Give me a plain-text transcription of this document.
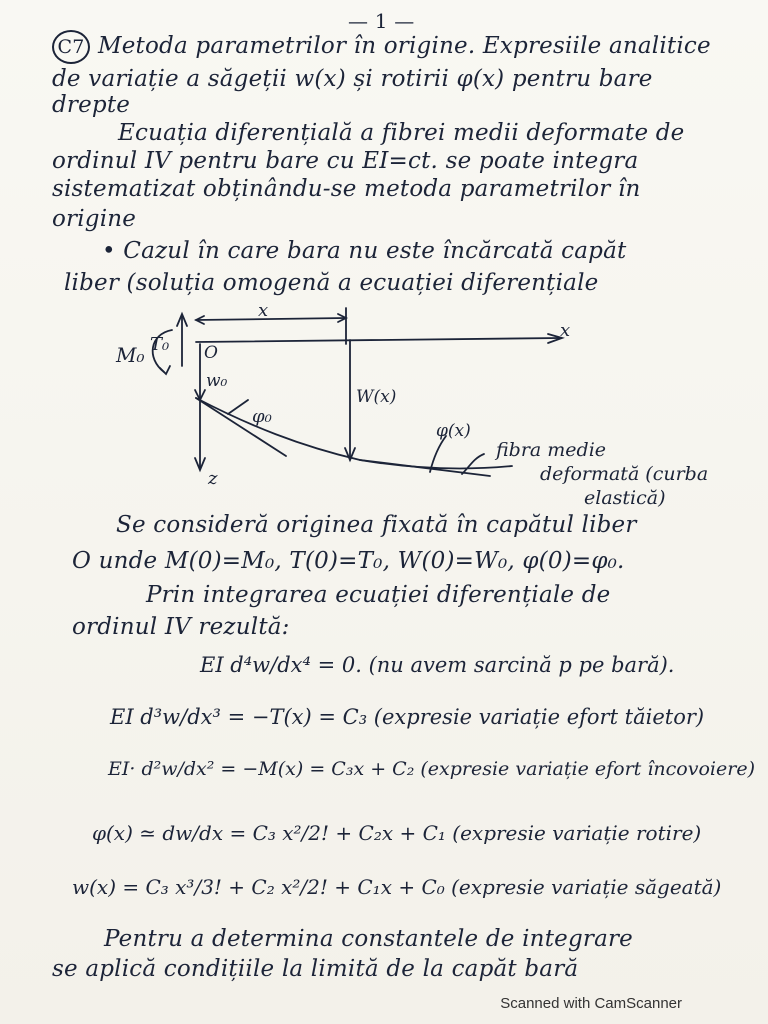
— 1 —
C7 Metoda parametrilor în origine. Expresiile analitice
de variație a săgeții w(x) și rotirii φ(x) pentru bare
drepte
Ecuația diferențială a fibrei medii deformate de
ordinul IV pentru bare cu EI=ct. se poate integra
sistematizat obținându-se metoda parametrilor în
origine
• Cazul în care bara nu este încărcată capăt
liber (soluția omogenă a ecuației diferențiale
x
x
M₀ T₀ O
w₀
φ₀
W(x)
φ(x)
z
fibra medie
deformată (curba
elastică)
Se consideră originea fixată în capătul liber
O unde M(0)=M₀, T(0)=T₀, W(0)=W₀, φ(0)=φ₀.
Prin integrarea ecuației diferențiale de
ordinul IV rezultă:
EI d⁴w/dx⁴ = 0. (nu avem sarcină p pe bară).
EI d³w/dx³ = −T(x) = C₃ (expresie variație efort tăietor)
EI· d²w/dx² = −M(x) = C₃x + C₂ (expresie variație efort încovoiere)
φ(x) ≃ dw/dx = C₃ x²/2! + C₂x + C₁ (expresie variație rotire)
w(x) = C₃ x³/3! + C₂ x²/2! + C₁x + C₀ (expresie variație săgeată)
Pentru a determina constantele de integrare
se aplică condițiile la limită de la capăt bară
Scanned with CamScanner
